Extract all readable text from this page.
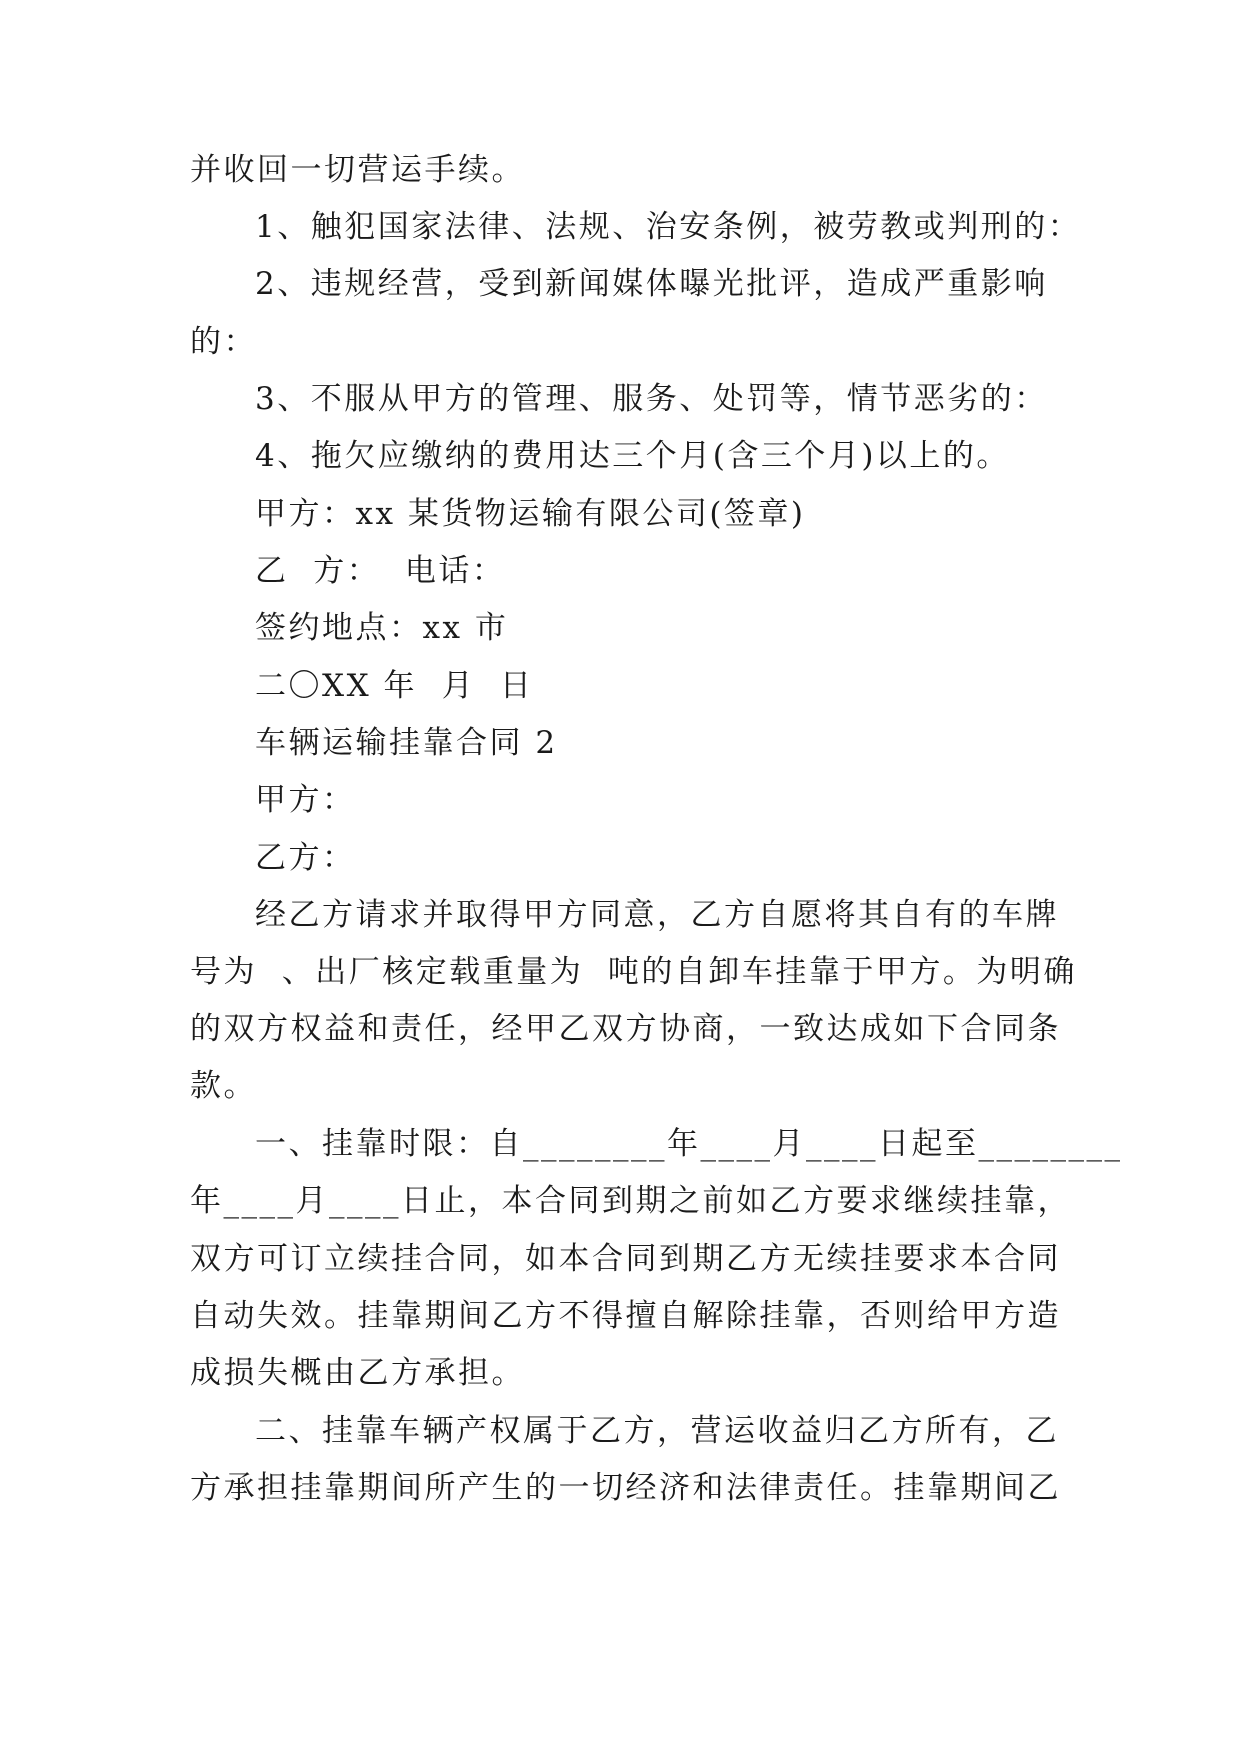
并收回一切营运手续。
1、触犯国家法律、法规、治安条例，被劳教或判刑的：
2、违规经营，受到新闻媒体曝光批评，造成严重影响
的：
3、不服从甲方的管理、服务、处罚等，情节恶劣的：
4、拖欠应缴纳的费用达三个月(含三个月)以上的。
甲方：xx 某货物运输有限公司(签章)
乙  方：  电话：
签约地点：xx 市
二〇XX 年  月  日
车辆运输挂靠合同 2
甲方：
乙方：
经乙方请求并取得甲方同意，乙方自愿将其自有的车牌
号为  、出厂核定载重量为  吨的自卸车挂靠于甲方。为明确
的双方权益和责任，经甲乙双方协商，一致达成如下合同条
款。
一、挂靠时限：自________年____月____日起至________
年____月____日止，本合同到期之前如乙方要求继续挂靠，
双方可订立续挂合同，如本合同到期乙方无续挂要求本合同
自动失效。挂靠期间乙方不得擅自解除挂靠，否则给甲方造
成损失概由乙方承担。
二、挂靠车辆产权属于乙方，营运收益归乙方所有，乙
方承担挂靠期间所产生的一切经济和法律责任。挂靠期间乙
